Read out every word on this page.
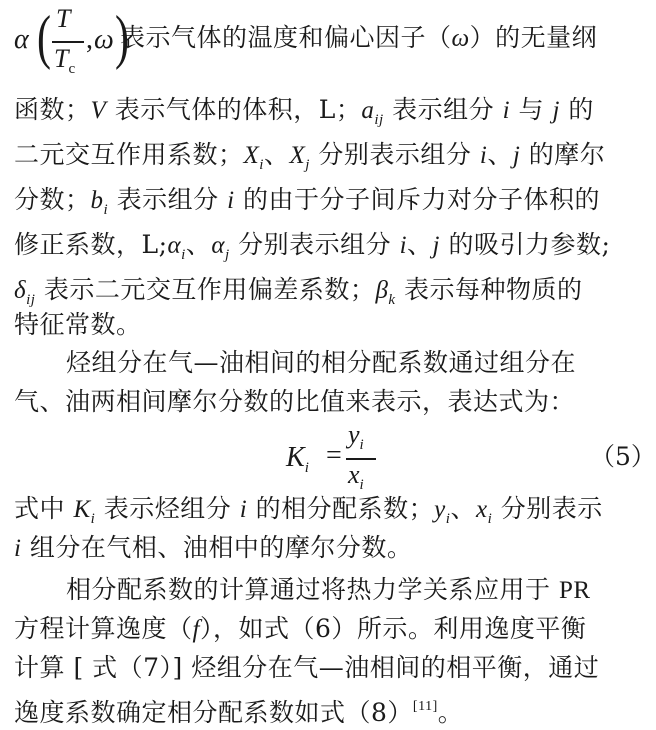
α ( T
$T_c$
, ω )
表示气体的温度和偏心因子（ω）的无量纲
函数；V 表示气体的体积，L；$a_{ij}$ 表示组分 i 与 j 的
二元交互作用系数；$X_i$、$X_j$ 分别表示组分 i、j 的摩尔
分数；$b_i$ 表示组分 i 的由于分子间斥力对分子体积的
修正系数，$L;\alpha_i$、$\alpha_j$ 分别表示组分 i、j 的吸引力参数;
$\delta_{ij}$ 表示二元交互作用偏差系数；$\beta_k$ 表示每种物质的
特征常数。
烃组分在气—油相间的相分配系数通过组分在
气、油两相间摩尔分数的比值来表示，表达式为：
$K_i$ =
$y_i$
$x_i$
（5）
式中 $K_i$ 表示烃组分 i 的相分配系数；$y_i$、$x_i$ 分别表示
i 组分在气相、油相中的摩尔分数。
相分配系数的计算通过将热力学关系应用于 PR
方程计算逸度（f），如式（6）所示。利用逸度平衡
计算 [ 式（7）] 烃组分在气—油相间的相平衡，通过
逸度系数确定相分配系数如式（8）[11]。
